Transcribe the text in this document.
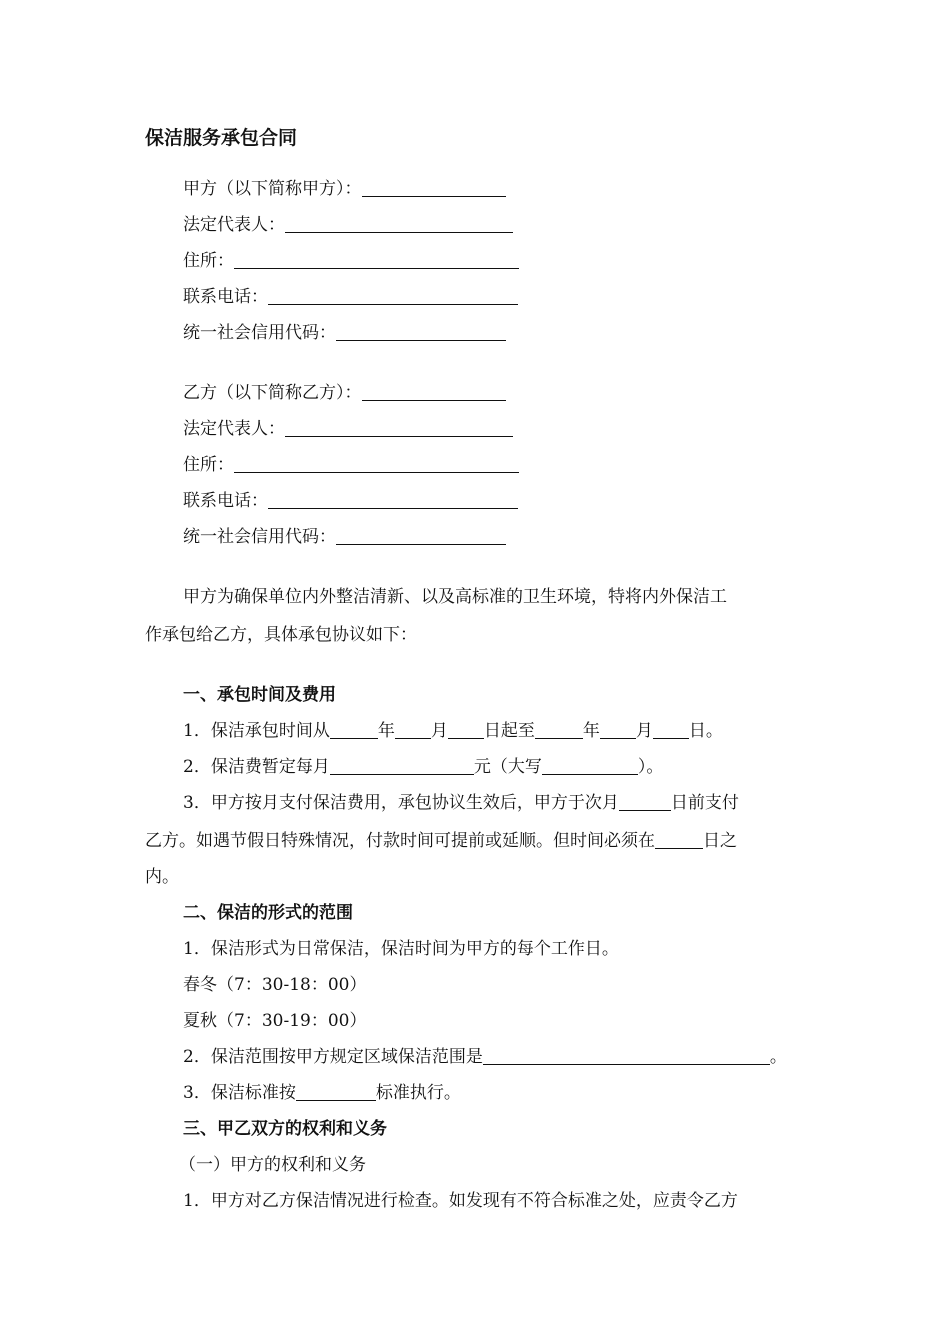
保洁服务承包合同
甲方（以下简称甲方）：
法定代表人：
住所：
联系电话：
统一社会信用代码：
乙方（以下简称乙方）：
法定代表人：
住所：
联系电话：
统一社会信用代码：
甲方为确保单位内外整洁清新、以及高标准的卫生环境，特将内外保洁工
作承包给乙方，具体承包协议如下：
一、承包时间及费用
1．保洁承包时间从	年 月 日起至	年 月 日。
2．保洁费暂定每月	元（大写	）。
3．甲方按月支付保洁费用，承包协议生效后，甲方于次月	日前支付
乙方。如遇节假日特殊情况，付款时间可提前或延顺。但时间必须在	日之
内。
二、保洁的形式的范围
1．保洁形式为日常保洁，保洁时间为甲方的每个工作日。
春冬（7：30-18：00）
夏秋（7：30-19：00）
2．保洁范围按甲方规定区域保洁范围是	。
3．保洁标准按	标准执行。
三、甲乙双方的权利和义务
（一）甲方的权利和义务
1．甲方对乙方保洁情况进行检查。如发现有不符合标准之处，应责令乙方
